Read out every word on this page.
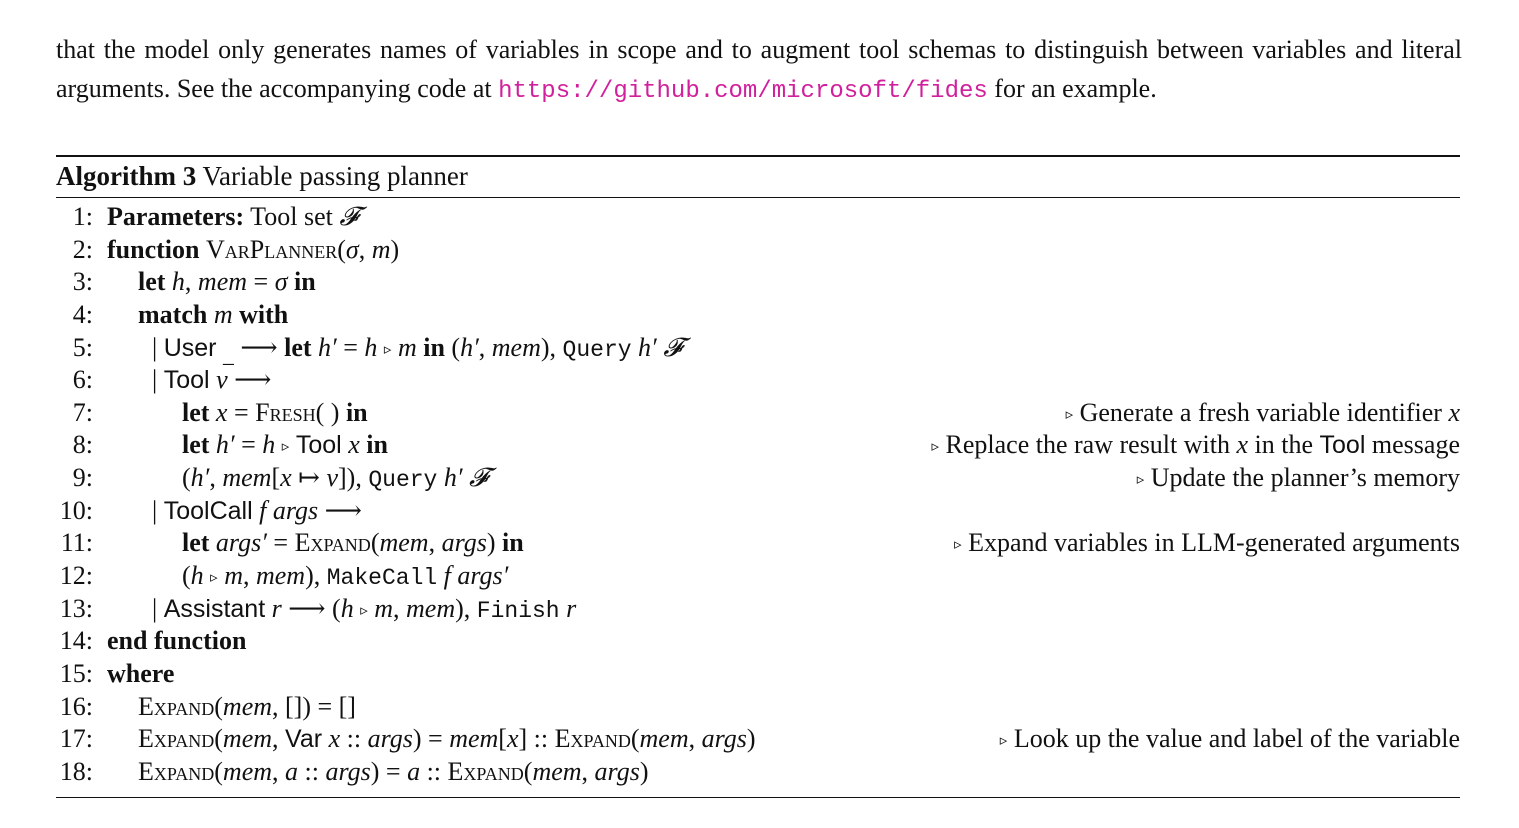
that the model only generates names of variables in scope and to augment tool schemas to distinguish between variables and literal arguments. See the accompanying code at https://github.com/microsoft/fides for an example.

Algorithm 3 Variable passing planner
1: Parameters: Tool set 𝓕
2: function VarPlanner(σ, m)
3: let h, mem = σ in
4: match m with
5: | User $_{\_}$ ⟶ let h′ = h ▹ m in (h′, mem), Query h′ 𝓕
6: | Tool v ⟶
7:	let x = Fresh( ) in	▹ Generate a fresh variable identifier x
8:	let h′ = h ▹ Tool x in	▹ Replace the raw result with x in the Tool message
9:	(h′, mem[x ↦ v]), Query h′ 𝓕	▹ Update the planner’s memory
10: | ToolCall f args ⟶
11:	let args′ = Expand(mem, args) in	▹ Expand variables in LLM-generated arguments
12:	(h ▹ m, mem), MakeCall f args′
13: | Assistant r ⟶ (h ▹ m, mem), Finish r
14: end function
15: where
16: Expand(mem, []) = []
17: Expand(mem, Var x :: args) = mem[x] :: Expand(mem, args)	▹ Look up the value and label of the variable
18: Expand(mem, a :: args) = a :: Expand(mem, args)
